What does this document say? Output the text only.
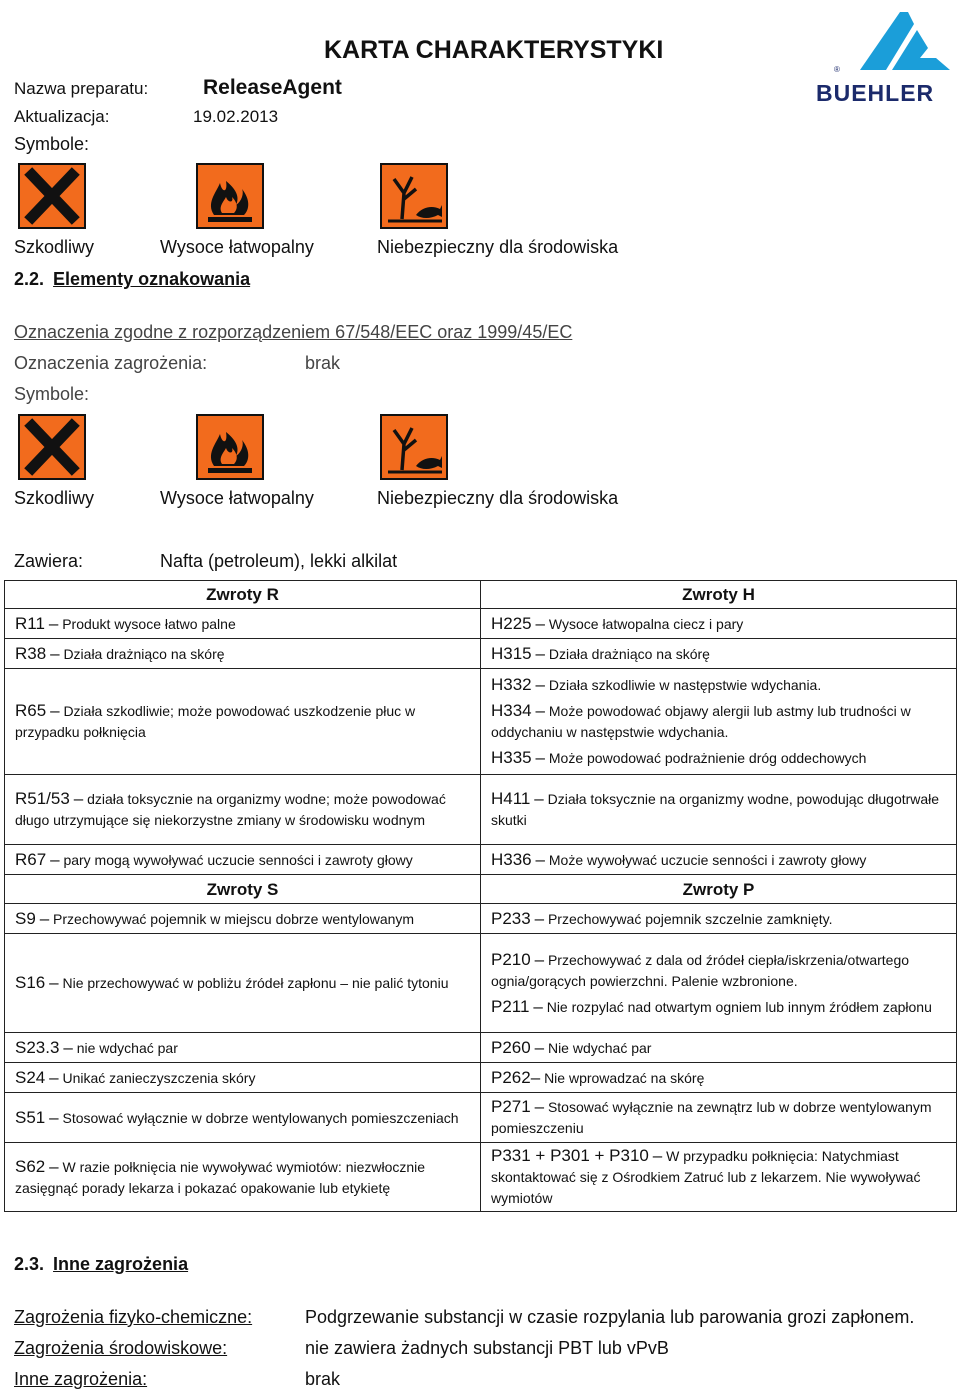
KARTA CHARAKTERYSTYKI
Nazwa preparatu:	ReleaseAgent
Aktualizacja:	19.02.2013
Symbole:
®
BUEHLER
Szkodliwy	Wysoce łatwopalny	Niebezpieczny dla środowiska
2.2. Elementy oznakowania
Oznaczenia zgodne z rozporządzeniem 67/548/EEC oraz 1999/45/EC
Oznaczenia zagrożenia:	brak
Symbole:
Szkodliwy	Wysoce łatwopalny	Niebezpieczny dla środowiska
Zawiera:	Nafta (petroleum), lekki alkilat
Zwroty R	Zwroty H
R11 – Produkt wysoce łatwo palne	H225 – Wysoce łatwopalna ciecz i pary
R38 – Działa drażniąco na skórę	H315 – Działa drażniąco na skórę
R65 – Działa szkodliwie; może powodować uszkodzenie płuc w przypadku połknięcia	H332 – Działa szkodliwie w następstwie wdychania.
H334 – Może powodować objawy alergii lub astmy lub trudności w oddychaniu w następstwie wdychania.
H335 – Może powodować podrażnienie dróg oddechowych

R51/53 – działa toksycznie na organizmy wodne; może powodować długo utrzymujące się niekorzystne zmiany w środowisku wodnym	H411 – Działa toksycznie na organizmy wodne, powodując długotrwałe skutki
R67 – pary mogą wywoływać uczucie senności i zawroty głowy	H336 – Może wywoływać uczucie senności i zawroty głowy
Zwroty S	Zwroty P
S9 – Przechowywać pojemnik w miejscu dobrze wentylowanym	P233 – Przechowywać pojemnik szczelnie zamknięty.
S16 – Nie przechowywać w pobliżu źródeł zapłonu – nie palić tytoniu	P210 – Przechowywać z dala od źródeł ciepła/iskrzenia/otwartego ognia/gorących powierzchni. Palenie wzbronione.
P211 – Nie rozpylać nad otwartym ogniem lub innym źródłem zapłonu

S23.3 – nie wdychać par	P260 – Nie wdychać par
S24 – Unikać zanieczyszczenia skóry	P262– Nie wprowadzać na skórę
S51 – Stosować wyłącznie w dobrze wentylowanych pomieszczeniach	P271 – Stosować wyłącznie na zewnątrz lub w dobrze wentylowanym pomieszczeniu
S62 – W razie połknięcia nie wywoływać wymiotów: niezwłocznie zasięgnąć porady lekarza i pokazać opakowanie lub etykietę	P331 + P301 + P310 – W przypadku połknięcia: Natychmiast skontaktować się z Ośrodkiem Zatruć lub z lekarzem. Nie wywoływać wymiotów
2.3. Inne zagrożenia
Zagrożenia fizyko-chemiczne:	Podgrzewanie substancji w czasie rozpylania lub parowania grozi zapłonem.
Zagrożenia środowiskowe:	nie zawiera żadnych substancji PBT lub vPvB
Inne zagrożenia:	brak
